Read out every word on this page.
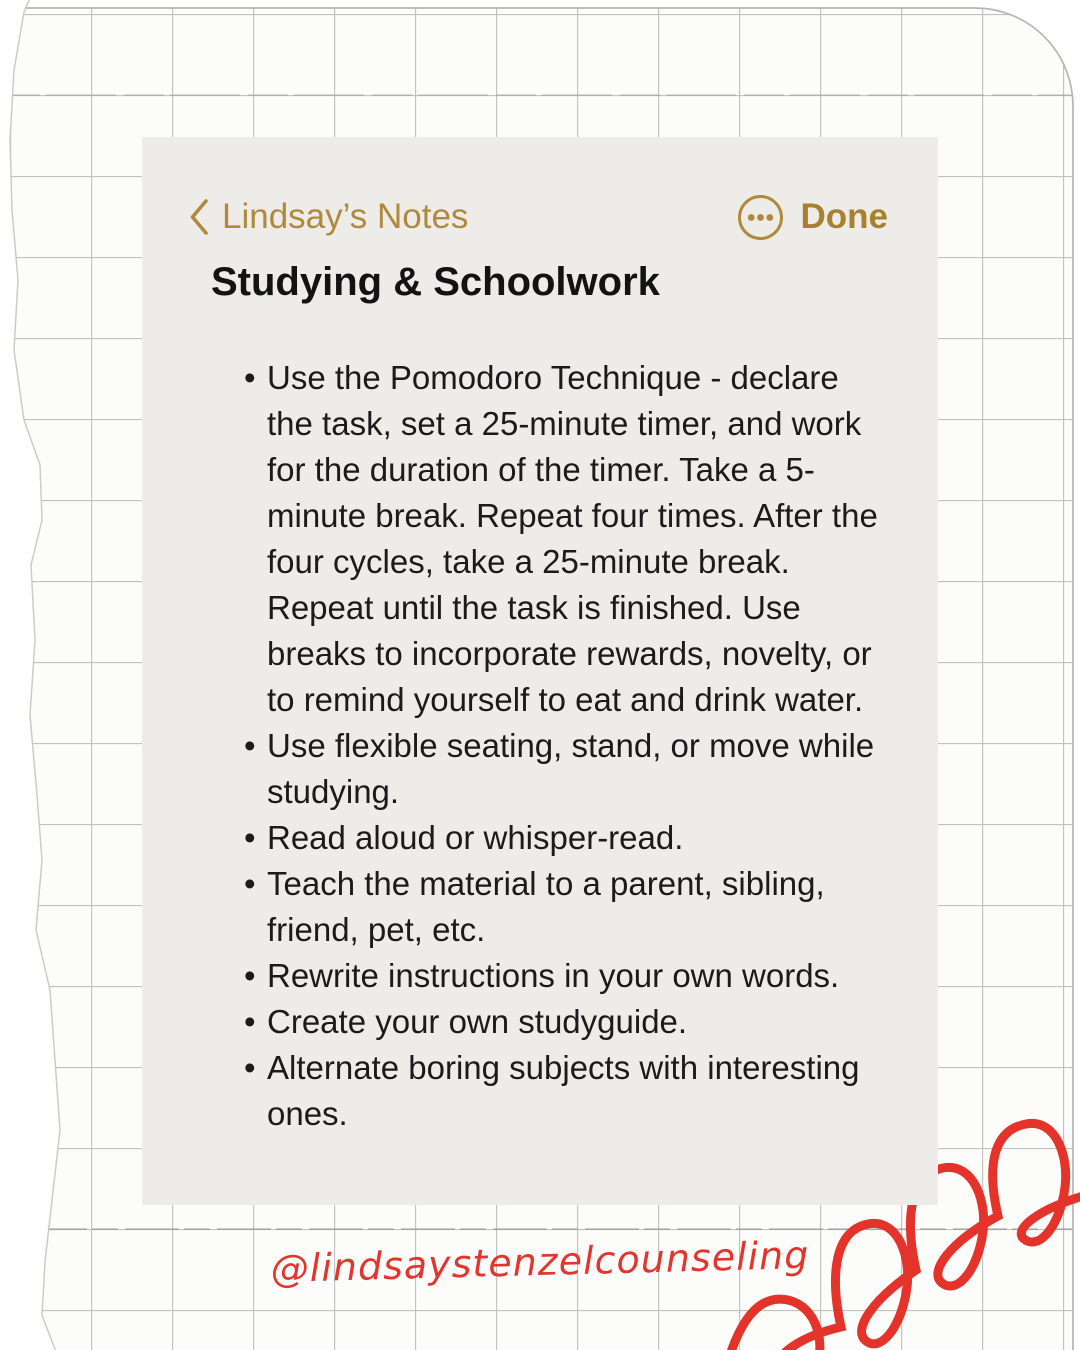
Lindsay’s Notes	Done
Studying & Schoolwork
• Use the Pomodoro Technique - declare the task, set a 25-minute timer, and work for the duration of the timer. Take a 5-minute break. Repeat four times. After the four cycles, take a 25-minute break. Repeat until the task is finished. Use breaks to incorporate rewards, novelty, or to remind yourself to eat and drink water.
• Use flexible seating, stand, or move while studying.
• Read aloud or whisper-read.
• Teach the material to a parent, sibling, friend, pet, etc.
• Rewrite instructions in your own words.
• Create your own studyguide.
• Alternate boring subjects with interesting ones.
@lindsaystenzelcounseling
